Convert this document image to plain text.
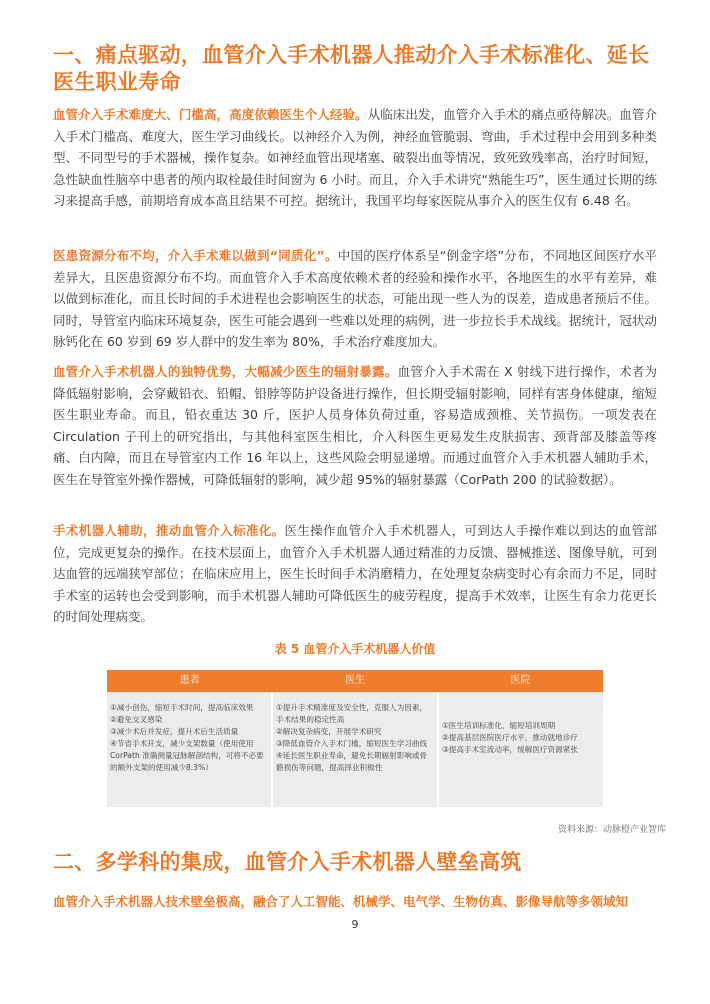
一、痛点驱动，血管介入手术机器人推动介入手术标准化、延长医生职业寿命

血管介入手术难度大、门槛高，高度依赖医生个人经验。从临床出发，血管介入手术的痛点亟待解决。血管介入手术门槛高、难度大，医生学习曲线长。以神经介入为例，神经血管脆弱、弯曲，手术过程中会用到多种类型、不同型号的手术器械，操作复杂。如神经血管出现堵塞、破裂出血等情况，致死致残率高，治疗时间短，急性缺血性脑卒中患者的颅内取栓最佳时间窗为 6 小时。而且，介入手术讲究“熟能生巧”，医生通过长期的练习来提高手感，前期培育成本高且结果不可控。据统计，我国平均每家医院从事介入的医生仅有 6.48 名。

医患资源分布不均，介入手术难以做到“同质化”。中国的医疗体系呈“倒金字塔”分布，不同地区间医疗水平差异大，且医患资源分布不均。而血管介入手术高度依赖术者的经验和操作水平，各地医生的水平有差异，难以做到标准化，而且长时间的手术进程也会影响医生的状态，可能出现一些人为的误差，造成患者预后不佳。同时，导管室内临床环境复杂，医生可能会遇到一些难以处理的病例，进一步拉长手术战线。据统计，冠状动脉钙化在 60 岁到 69 岁人群中的发生率为 80%，手术治疗难度加大。

血管介入手术机器人的独特优势，大幅减少医生的辐射暴露。血管介入手术需在 X 射线下进行操作，术者为降低辐射影响，会穿戴铅衣、铅帽、铅脖等防护设备进行操作，但长期受辐射影响，同样有害身体健康，缩短医生职业寿命。而且，铅衣重达 30 斤，医护人员身体负荷过重，容易造成颈椎、关节损伤。一项发表在 Circulation 子刊上的研究指出，与其他科室医生相比，介入科医生更易发生皮肤损害、颈背部及膝盖等疼痛、白内障，而且在导管室内工作 16 年以上，这些风险会明显递增。而通过血管介入手术机器人辅助手术，医生在导管室外操作器械，可降低辐射的影响，减少超 95%的辐射暴露（CorPath 200 的试验数据）。

手术机器人辅助，推动血管介入标准化。医生操作血管介入手术机器人，可到达人手操作难以到达的血管部位，完成更复杂的操作。在技术层面上，血管介入手术机器人通过精准的力反馈、器械推送、图像导航，可到达血管的远端狭窄部位；在临床应用上，医生长时间手术消磨精力，在处理复杂病变时心有余而力不足，同时手术室的运转也会受到影响，而手术机器人辅助可降低医生的疲劳程度，提高手术效率，让医生有余力花更长的时间处理病变。

表 5 血管介入手术机器人价值
患者	医生	医院

①减小创伤，缩短手术时间，提高临床效果

②避免交叉感染

③减少术后并发症，提升术后生活质量

④节省手术开支，减少支架数量（使用使用CorPath 准确测量冠脉解剖结构，可将不必要的额外支架的使用减少8.3%）

①提升手术精准度及安全性，克服人为因素，手术结果的稳定性高

②解决复杂病变，开展学术研究

③降低血管介入手术门槛，缩短医生学习曲线

④延长医生职业寿命，避免长期辐射影响或骨骼损伤等问题，提高择业积极性

①医生培训标准化，缩短培训周期

②提高基层医院医疗水平，推动就地诊疗

③提高手术室流动率，缓解医疗资源紧张

资料来源：动脉橙产业智库
二、多学科的集成，血管介入手术机器人壁垒高筑

血管介入手术机器人技术壁垒极高，融合了人工智能、机械学、电气学、生物仿真、影像导航等多领域知

9
